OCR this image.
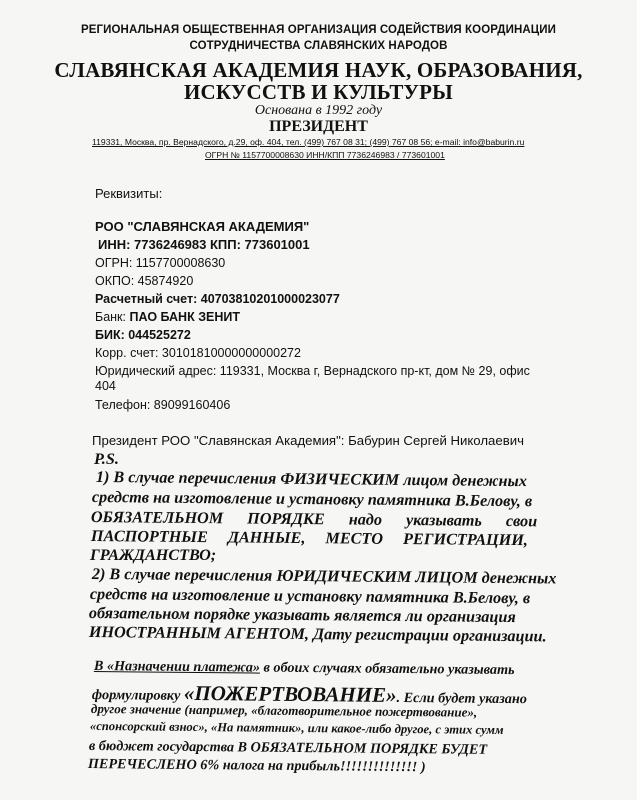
РЕГИОНАЛЬНАЯ ОБЩЕСТВЕННАЯ ОРГАНИЗАЦИЯ СОДЕЙСТВИЯ КООРДИНАЦИИ
СОТРУДНИЧЕСТВА СЛАВЯНСКИХ НАРОДОВ
СЛАВЯНСКАЯ АКАДЕМИЯ НАУК, ОБРАЗОВАНИЯ,
ИСКУССТВ И КУЛЬТУРЫ
Основана в 1992 году
ПРЕЗИДЕНТ
119331, Москва, пр. Вернадского, д.29, оф. 404, тел. (499) 767 08 31; (499) 767 08 56; e-mail: info@baburin.ru
ОГРН № 1157700008630 ИНН/КПП 7736246983 / 773601001
Реквизиты:
РОО "СЛАВЯНСКАЯ АКАДЕМИЯ"
ИНН: 7736246983 КПП: 773601001
ОГРН: 1157700008630
ОКПО: 45874920
Расчетный счет: 40703810201000023077
Банк: ПАО БАНК ЗЕНИТ
БИК: 044525272
Корр. счет: 30101810000000000272
Юридический адрес: 119331, Москва г, Вернадского пр-кт, дом № 29, офис
404
Телефон: 89099160406
Президент РОО "Славянская Академия": Бабурин Сергей Николаевич
P.S.
1) В случае перечисления ФИЗИЧЕСКИМ лицом денежных
средств на изготовление и установку памятника В.Белову, в
ОБЯЗАТЕЛЬНОМ ПОРЯДКЕ надо указывать свои
ПАСПОРТНЫЕ ДАННЫЕ, МЕСТО РЕГИСТРАЦИИ,
ГРАЖДАНСТВО;
2) В случае перечисления ЮРИДИЧЕСКИМ ЛИЦОМ денежных
средств на изготовление и установку памятника В.Белову, в
обязательном порядке указывать является ли организация
ИНОСТРАННЫМ АГЕНТОМ, Дату регистрации организации.
В «Назначении платежа» в обоих случаях обязательно указывать
формулировку «ПОЖЕРТВОВАНИЕ». Если будет указано
другое значение (например, «благотворительное пожертвование»,
«спонсорский взнос», «На памятник», или какое-либо другое, с этих сумм
в бюджет государства В ОБЯЗАТЕЛЬНОМ ПОРЯДКЕ БУДЕТ
ПЕРЕЧЕСЛЕНО 6% налога на прибыль!!!!!!!!!!!!!! )
